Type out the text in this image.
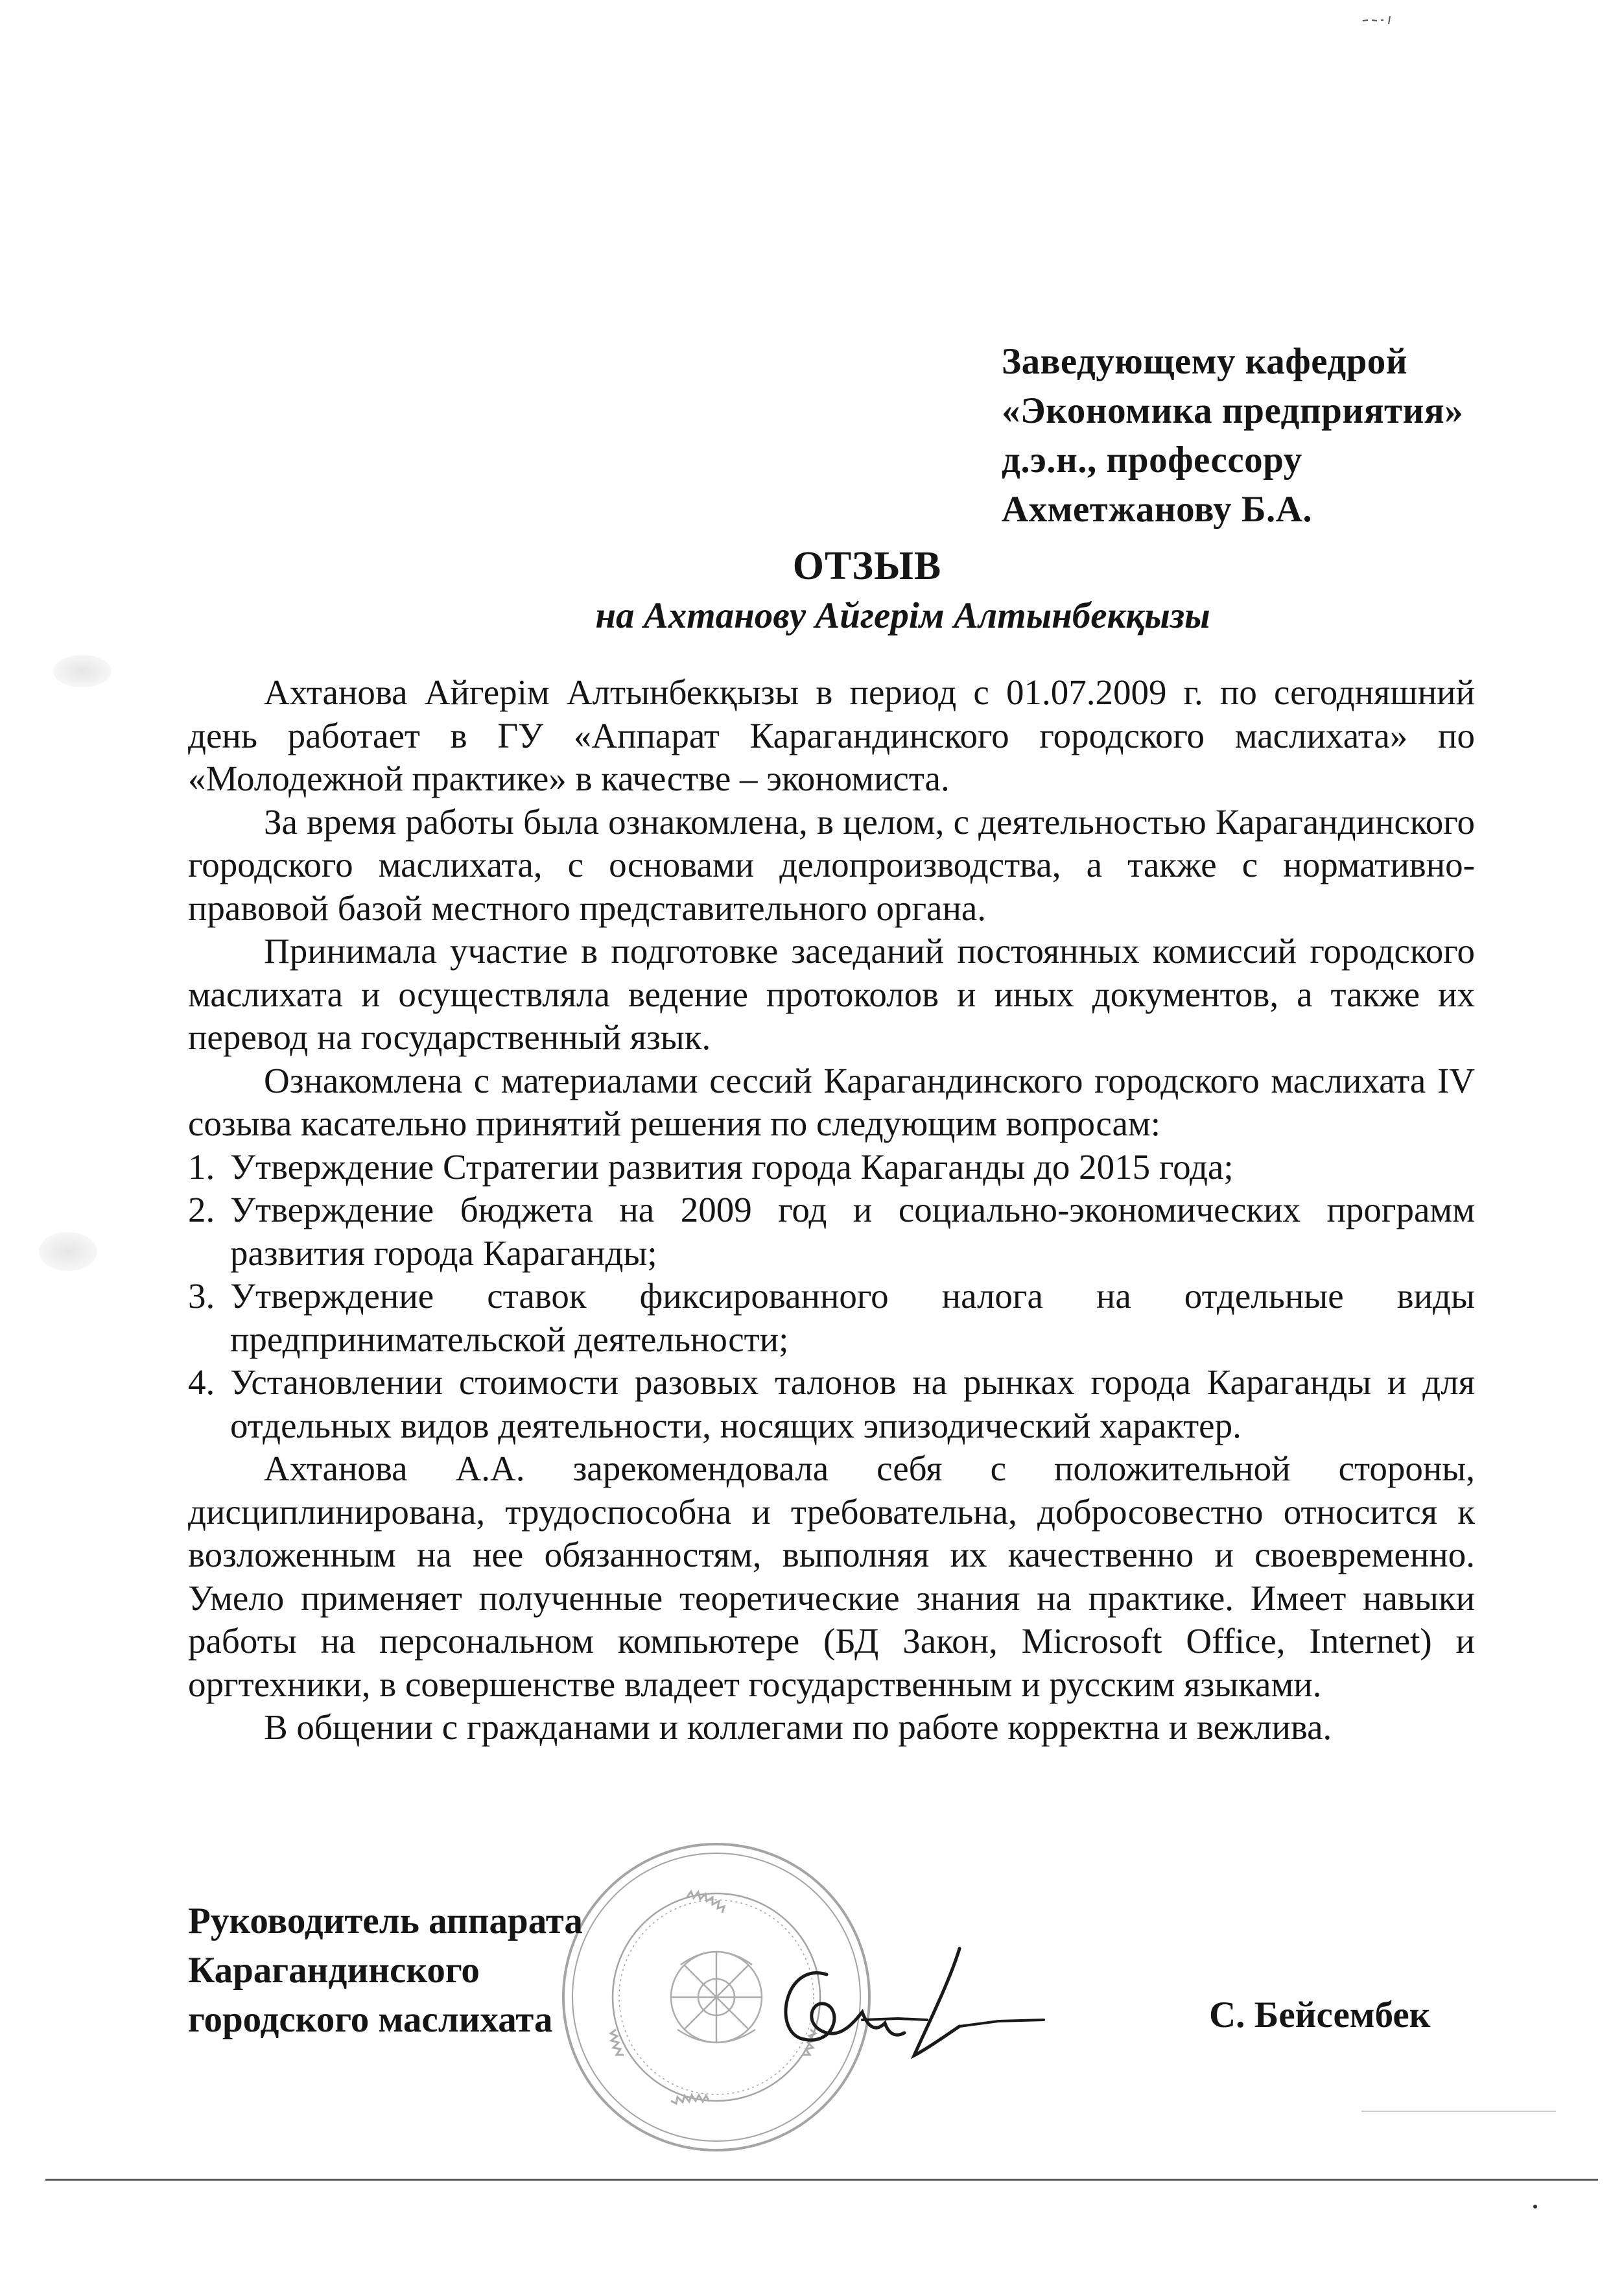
Заведующему кафедрой
«Экономика предприятия»
д.э.н., профессору
Ахметжанову Б.А.
ОТЗЫВ
на Ахтанову Айгерім Алтынбекқызы

Ахтанова Айгерім Алтынбекқызы в период с 01.07.2009 г. по сегодняшний день работает в ГУ «Аппарат Карагандинского городского маслихата» по «Молодежной практике» в качестве – экономиста.

За время работы была ознакомлена, в целом, с деятельностью Карагандинского городского маслихата, с основами делопроизводства, а также с нормативно-правовой базой местного представительного органа.

Принимала участие в подготовке заседаний постоянных комиссий городского маслихата и осуществляла ведение протоколов и иных документов, а также их перевод на государственный язык.

Ознакомлена с материалами сессий Карагандинского городского маслихата IV созыва касательно принятий решения по следующим вопросам:

1. Утверждение Стратегии развития города Караганды до 2015 года;
2. Утверждение бюджета на 2009 год и социально-экономических программ развития города Караганды;
3. Утверждение ставок фиксированного налога на отдельные виды предпринимательской деятельности;
4. Установлении стоимости разовых талонов на рынках города Караганды и для отдельных видов деятельности, носящих эпизодический характер.

Ахтанова А.А. зарекомендовала себя с положительной стороны, дисциплинирована, трудоспособна и требовательна, добросовестно относится к возложенным на нее обязанностям, выполняя их качественно и своевременно. Умело применяет полученные теоретические знания на практике. Имеет навыки работы на персональном компьютере (БД Закон, Microsoft Office, Internet) и оргтехники, в совершенстве владеет государственным и русским языками.

В общении с гражданами и коллегами по работе корректна и вежлива.

Руководитель аппарата
Карагандинского
городского маслихата	С. Бейсембек
